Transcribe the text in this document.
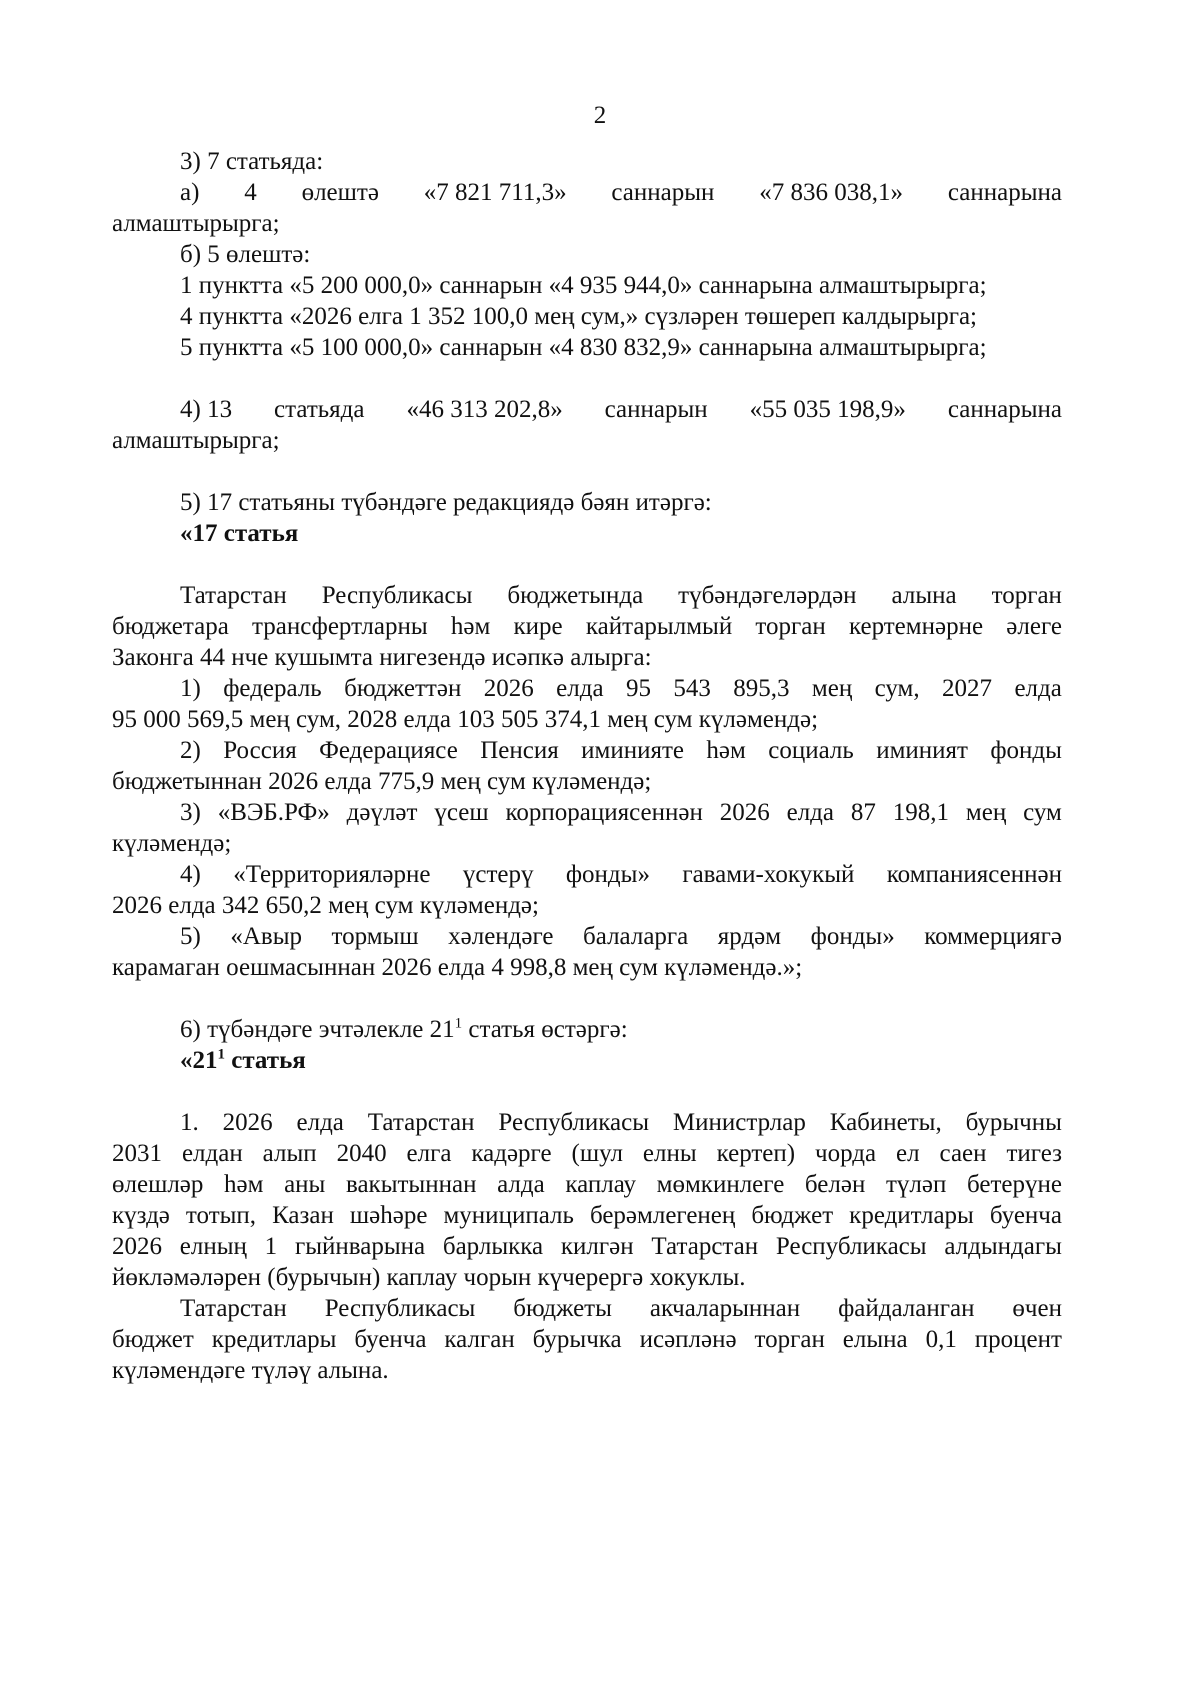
2
3) 7 статьяда:
а) 4 өлештә «7 821 711,3» саннарын «7 836 038,1» саннарына
алмаштырырга;
б) 5 өлештә:
1 пунктта «5 200 000,0» саннарын «4 935 944,0» саннарына алмаштырырга;
4 пунктта «2026 елга 1 352 100,0 мең сум,» сүзләрен төшереп калдырырга;
5 пунктта «5 100 000,0» саннарын «4 830 832,9» саннарына алмаштырырга;
4) 13 статьяда «46 313 202,8» саннарын «55 035 198,9» саннарына
алмаштырырга;
5) 17 статьяны түбәндәге редакциядә бәян итәргә:
«17 статья
Татарстан Республикасы бюджетында түбәндәгеләрдән алына торган
бюджетара трансфертларны һәм кире кайтарылмый торган кертемнәрне әлеге
Законга 44 нче кушымта нигезендә исәпкә алырга:
1) федераль бюджеттән 2026 елда 95 543 895,3 мең сум, 2027 елда
95 000 569,5 мең сум, 2028 елда 103 505 374,1 мең сум күләмендә;
2) Россия Федерациясе Пенсия иминияте һәм социаль иминият фонды
бюджетыннан 2026 елда 775,9 мең сум күләмендә;
3) «ВЭБ.РФ» дәүләт үсеш корпорациясеннән 2026 елда 87 198,1 мең сум
күләмендә;
4) «Территорияләрне үстерү фонды» гавами-хокукый компаниясеннән
2026 елда 342 650,2 мең сум күләмендә;
5) «Авыр тормыш хәлендәге балаларга ярдәм фонды» коммерциягә
карамаган оешмасыннан 2026 елда 4 998,8 мең сум күләмендә.»;
6) түбәндәге эчтәлекле $21^1$ статья өстәргә:
«$21^1$ статья
1. 2026 елда Татарстан Республикасы Министрлар Кабинеты, бурычны
2031 елдан алып 2040 елга кадәрге (шул елны кертеп) чорда ел саен тигез
өлешләр һәм аны вакытыннан алда каплау мөмкинлеге белән түләп бетерүне
күздә тотып, Казан шәһәре муниципаль берәмлегенең бюджет кредитлары буенча
2026 елның 1 гыйнварына барлыкка килгән Татарстан Республикасы алдындагы
йөкләмәләрен (бурычын) каплау чорын күчерергә хокуклы.
Татарстан Республикасы бюджеты акчаларыннан файдаланган өчен
бюджет кредитлары буенча калган бурычка исәпләнә торган елына 0,1 процент
күләмендәге түләү алына.
